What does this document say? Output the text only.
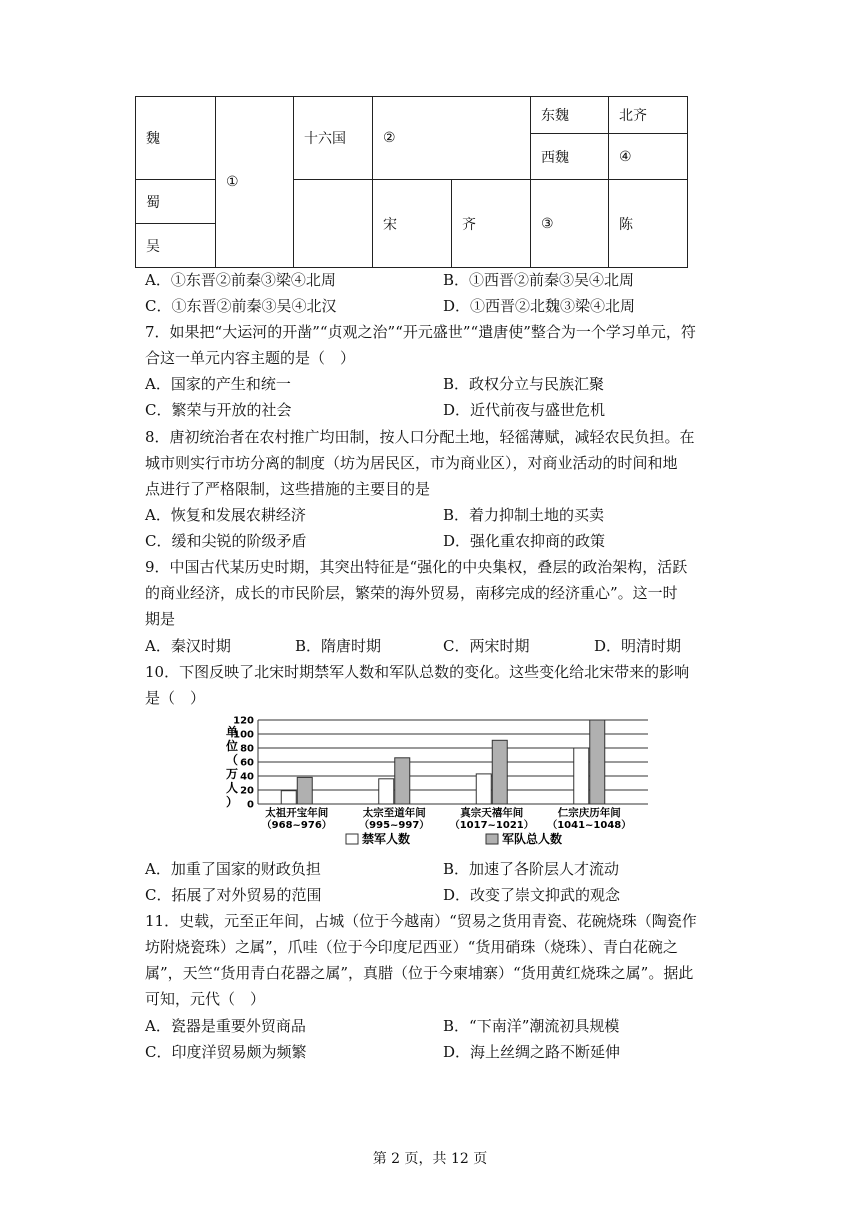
魏	①	十六国	②		东魏	北齐
					西魏	④
蜀			宋	齐	③	陈
吴						
A．①东晋②前秦③梁④北周	B．①西晋②前秦③吴④北周
C．①东晋②前秦③吴④北汉	D．①西晋②北魏③梁④北周
7．如果把“大运河的开凿”“贞观之治”“开元盛世”“遣唐使”整合为一个学习单元，符
合这一单元内容主题的是（　）
A．国家的产生和统一	B．政权分立与民族汇聚
C．繁荣与开放的社会	D．近代前夜与盛世危机
8．唐初统治者在农村推广均田制，按人口分配土地，轻徭薄赋，减轻农民负担。在
城市则实行市坊分离的制度（坊为居民区，市为商业区），对商业活动的时间和地
点进行了严格限制，这些措施的主要目的是
A．恢复和发展农耕经济	B．着力抑制土地的买卖
C．缓和尖锐的阶级矛盾	D．强化重农抑商的政策
9．中国古代某历史时期，其突出特征是“强化的中央集权，叠层的政治架构，活跃
的商业经济，成长的市民阶层，繁荣的海外贸易，南移完成的经济重心”。这一时
期是
A．秦汉时期	B．隋唐时期	C．两宋时期	D．明清时期
10．下图反映了北宋时期禁军人数和军队总数的变化。这些变化给北宋带来的影响
是（　）
0
20
40
60
80
100
120
单
位
（
万
人
）
太祖开宝年间
（968~976）
太宗至道年间
（995~997）
真宗天禧年间
（1017~1021）
仁宗庆历年间
（1041~1048）
禁军人数	军队总人数
A．加重了国家的财政负担	B．加速了各阶层人才流动
C．拓展了对外贸易的范围	D．改变了崇文抑武的观念
11．史载，元至正年间，占城（位于今越南）“贸易之货用青瓷、花碗烧珠（陶瓷作
坊附烧瓷珠）之属”，爪哇（位于今印度尼西亚）“货用硝珠（烧珠）、青白花碗之
属”，天竺“货用青白花器之属”，真腊（位于今柬埔寨）“货用黄红烧珠之属”。据此
可知，元代（　）
A．瓷器是重要外贸商品	B．“下南洋”潮流初具规模
C．印度洋贸易颇为频繁	D．海上丝绸之路不断延伸
第 2 页，共 12 页
